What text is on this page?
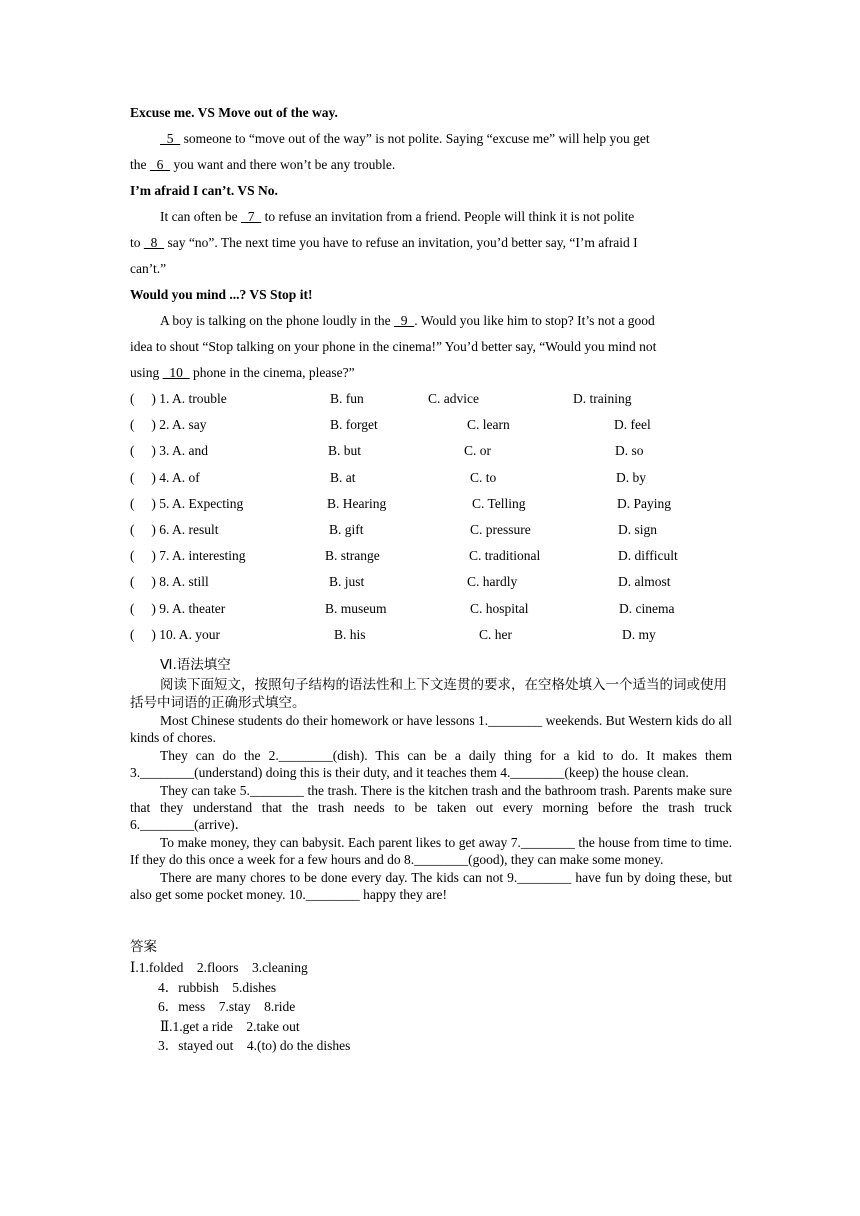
Excuse me. VS Move out of the way.
5   someone to “move out of the way” is not polite. Saying “excuse me” will help you get
the   6   you want and there won’t be any trouble.
I’m afraid I can’t. VS No.
It can often be   7   to refuse an invitation from a friend. People will think it is not polite
to   8   say “no”. The next time you have to refuse an invitation, you’d better say, “I’m afraid I
can’t.”
Would you mind ...? VS Stop it!
A boy is talking on the phone loudly in the   9  . Would you like him to stop? It’s not a good
idea to shout “Stop talking on your phone in the cinema!” You’d better say, “Would you mind not
using   10   phone in the cinema, please?”
(     ) 1. A. trouble	B. fun	C. advice	D. training
(     ) 2. A. say	B. forget	C. learn	D. feel
(     ) 3. A. and	B. but	C. or	D. so
(     ) 4. A. of	B. at	C. to	D. by
(     ) 5. A. Expecting	B. Hearing	C. Telling	D. Paying
(     ) 6. A. result	B. gift	C. pressure	D. sign
(     ) 7. A. interesting	B. strange	C. traditional	D. difficult
(     ) 8. A. still	B. just	C. hardly	D. almost
(     ) 9. A. theater	B. museum	C. hospital	D. cinema
(     ) 10. A. your	B. his	C. her	D. my
Ⅵ.语法填空

阅读下面短文，按照句子结构的语法性和上下文连贯的要求，在空格处填入一个适当的词或使用括号中词语的正确形式填空。

Most Chinese students do their homework or have lessons 1.________ weekends. But Western kids do all kinds of chores.

They can do the 2.________(dish). This can be a daily thing for a kid to do. It makes them 3.________(understand) doing this is their duty, and it teaches them 4.________(keep) the house clean.

They can take 5.________ the trash. There is the kitchen trash and the bathroom trash. Parents make sure that they understand that the trash needs to be taken out every morning before the trash truck 6.________(arrive)．

To make money, they can babysit. Each parent likes to get away 7.________ the house from time to time. If they do this once a week for a few hours and do 8.________(good), they can make some money.

There are many chores to be done every day. The kids can not 9.________ have fun by doing these, but also get some pocket money. 10.________ happy they are!

答案
Ⅰ.1.folded    2.floors    3.cleaning
4．rubbish    5.dishes
6．mess    7.stay    8.ride
Ⅱ.1.get a ride    2.take out
3．stayed out    4.(to) do the dishes
